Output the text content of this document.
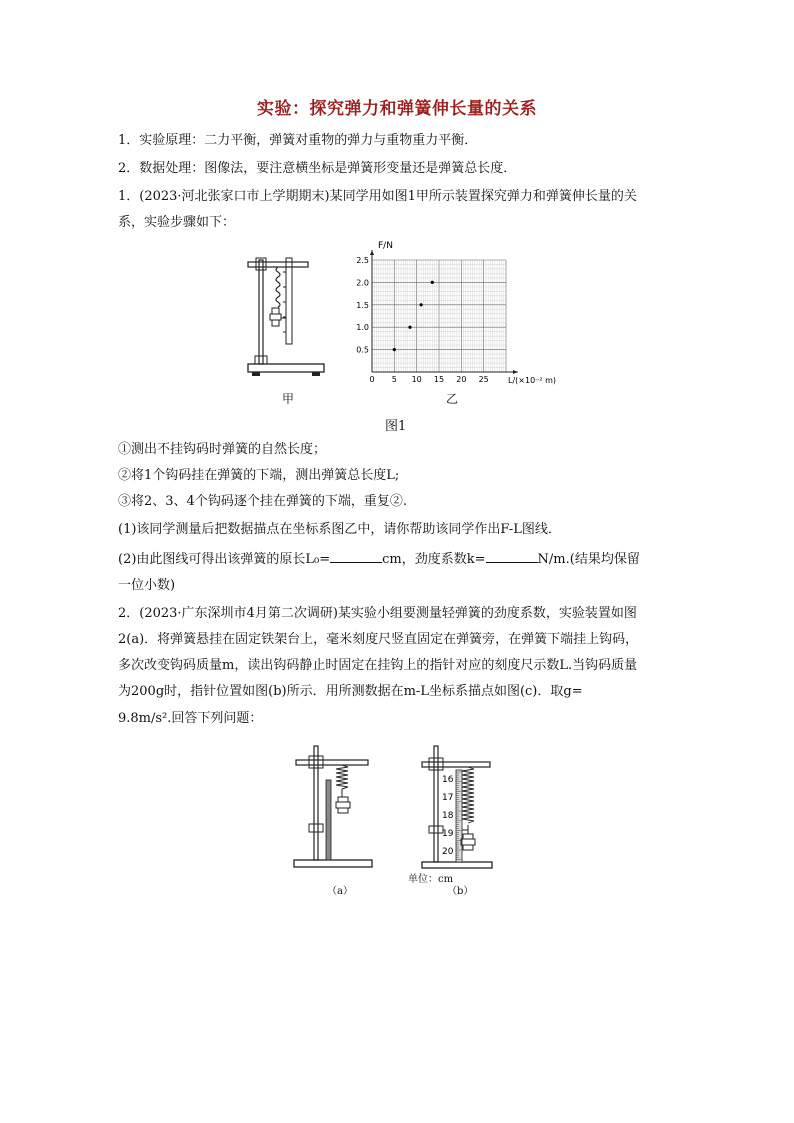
实验：探究弹力和弹簧伸长量的关系
1．实验原理：二力平衡，弹簧对重物的弹力与重物重力平衡．
2．数据处理：图像法，要注意横坐标是弹簧形变量还是弹簧总长度．
1．(2023·河北张家口市上学期期末)某同学用如图1甲所示装置探究弹力和弹簧伸长量的关
系，实验步骤如下：
甲
0 5 10 15 20 25
0.5
1.0
1.5
2.0
2.5
F/N
L/(×10⁻² m)
乙
图1
①测出不挂钩码时弹簧的自然长度；
②将1个钩码挂在弹簧的下端，测出弹簧总长度L;
③将2、3、4个钩码逐个挂在弹簧的下端，重复②.
(1)该同学测量后把数据描点在坐标系图乙中，请你帮助该同学作出F-L图线．
(2)由此图线可得出该弹簧的原长L₀=	cm，劲度系数k=	N/m.(结果均保留
一位小数)
2．(2023·广东深圳市4月第二次调研)某实验小组要测量轻弹簧的劲度系数，实验装置如图
2(a)．将弹簧悬挂在固定铁架台上，毫米刻度尺竖直固定在弹簧旁，在弹簧下端挂上钩码，
多次改变钩码质量m，读出钩码静止时固定在挂钩上的指针对应的刻度尺示数L.当钩码质量
为200g时，指针位置如图(b)所示．用所测数据在m-L坐标系描点如图(c)．取g=
9.8m/s².回答下列问题：
（a）
16
17
18
19
20
单位：cm
（b）
